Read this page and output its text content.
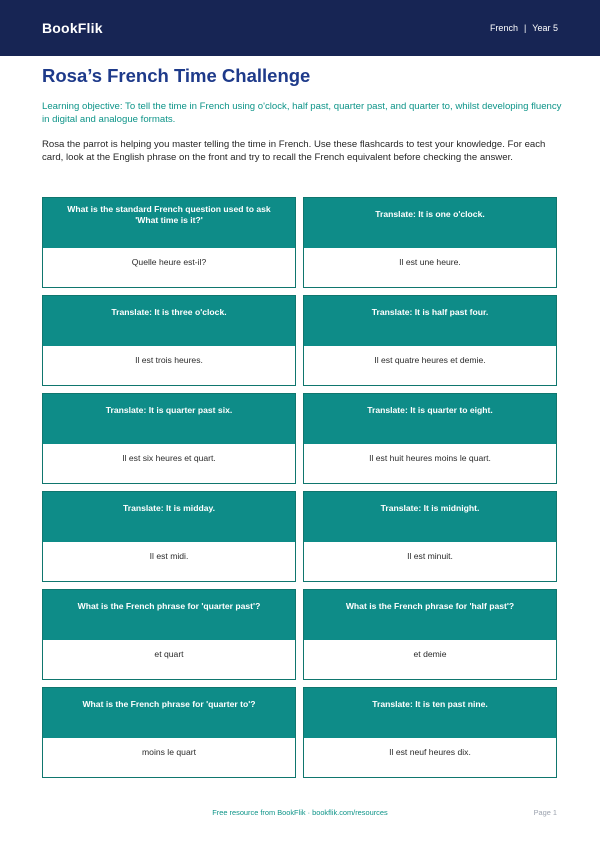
BookFlik	French | Year 5
Rosa’s French Time Challenge

Learning objective: To tell the time in French using o'clock, half past, quarter past, and quarter to, whilst developing fluency in digital and analogue formats.

Rosa the parrot is helping you master telling the time in French. Use these flashcards to test your knowledge. For each card, look at the English phrase on the front and try to recall the French equivalent before checking the answer.

What is the standard French question used to ask 'What time is it?'
Quelle heure est-il?
Translate: It is one o'clock.
Il est une heure.
Translate: It is three o'clock.
Il est trois heures.
Translate: It is half past four.
Il est quatre heures et demie.
Translate: It is quarter past six.
Il est six heures et quart.
Translate: It is quarter to eight.
Il est huit heures moins le quart.
Translate: It is midday.
Il est midi.
Translate: It is midnight.
Il est minuit.
What is the French phrase for 'quarter past'?
et quart
What is the French phrase for 'half past'?
et demie
What is the French phrase for 'quarter to'?
moins le quart
Translate: It is ten past nine.
Il est neuf heures dix.
Free resource from BookFlik · bookflik.com/resources	Page 1
